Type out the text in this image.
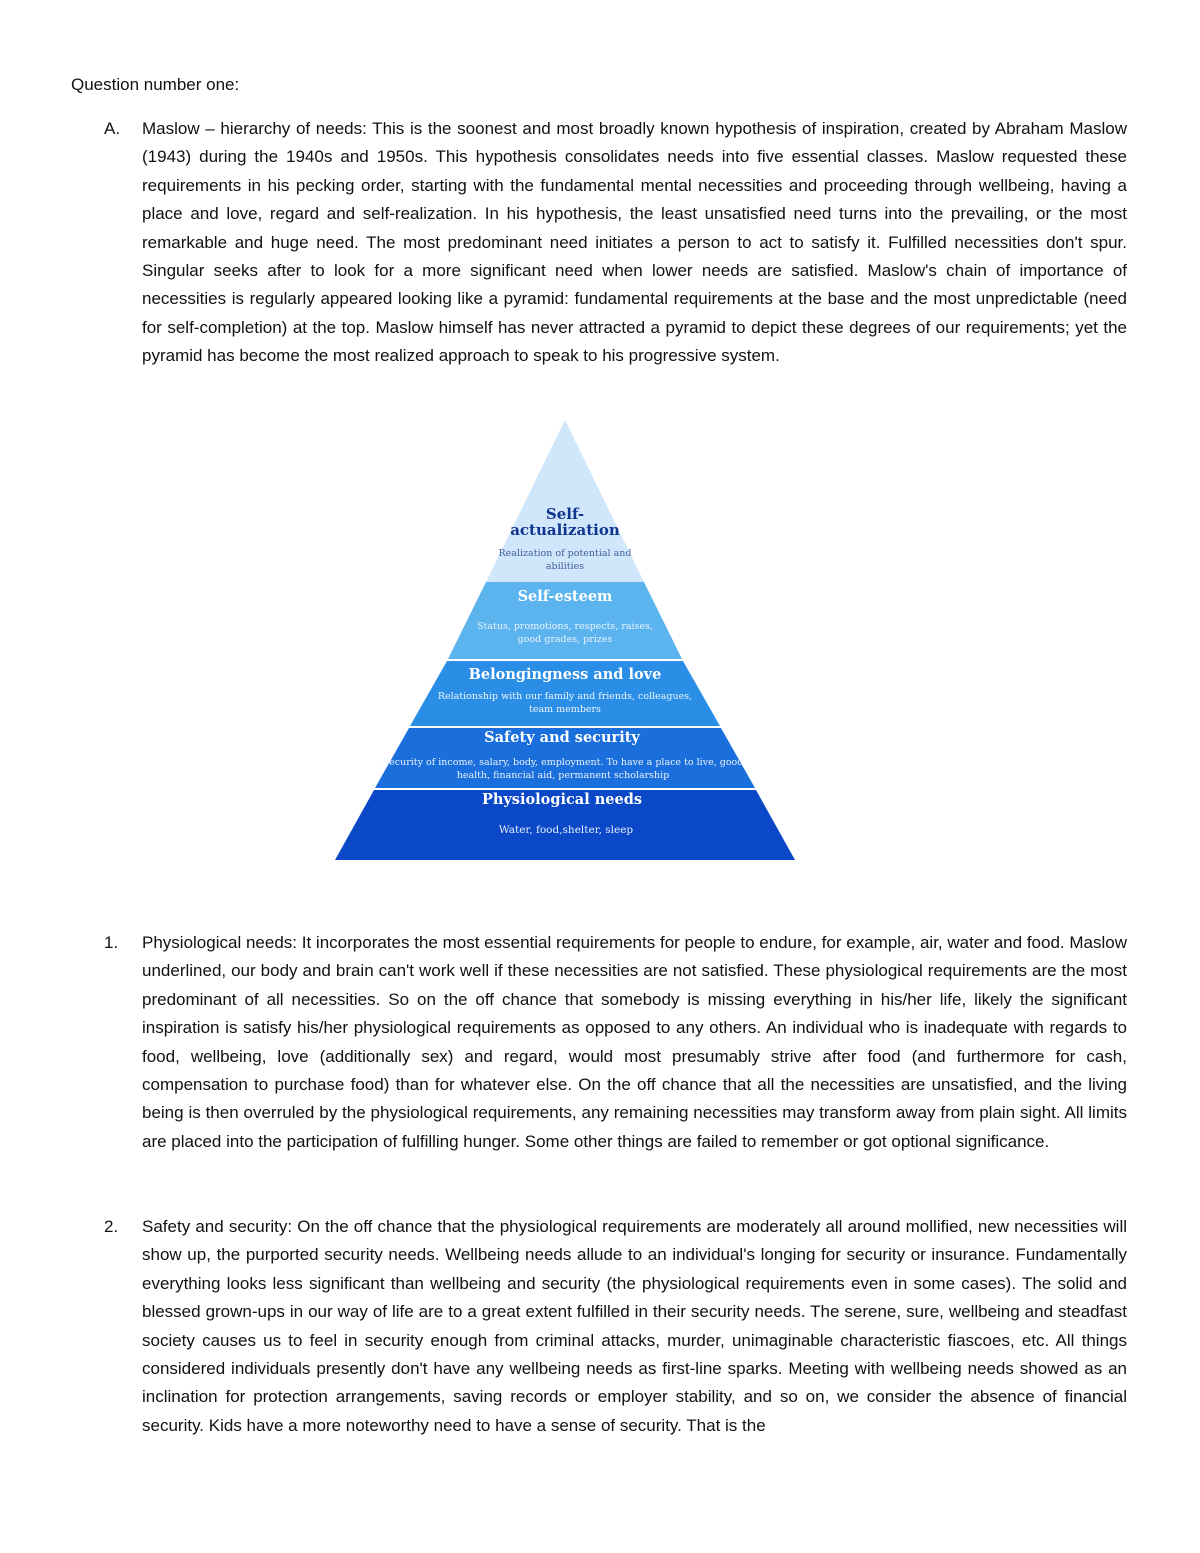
Question number one:
A. Maslow – hierarchy of needs: This is the soonest and most broadly known hypothesis of inspiration, created by Abraham Maslow (1943) during the 1940s and 1950s. This hypothesis consolidates needs into five essential classes. Maslow requested these requirements in his pecking order, starting with the fundamental mental necessities and proceeding through wellbeing, having a place and love, regard and self-realization. In his hypothesis, the least unsatisfied need turns into the prevailing, or the most remarkable and huge need. The most predominant need initiates a person to act to satisfy it. Fulfilled necessities don't spur. Singular seeks after to look for a more significant need when lower needs are satisfied. Maslow's chain of importance of necessities is regularly appeared looking like a pyramid: fundamental requirements at the base and the most unpredictable (need for self-completion) at the top. Maslow himself has never attracted a pyramid to depict these degrees of our requirements; yet the pyramid has become the most realized approach to speak to his progressive system.
Self-
actualization
Realization of potential and
abilities
Self-esteem
Status, promotions, respects, raises,
good grades, prizes
Belongingness and love
Relationship with our family and friends, colleagues,
team members
Safety and security
Security of income, salary, body, employment. To have a place to live, good
health, financial aid, permanent scholarship
Physiological needs
Water, food,shelter, sleep
1. Physiological needs: It incorporates the most essential requirements for people to endure, for example, air, water and food. Maslow underlined, our body and brain can't work well if these necessities are not satisfied. These physiological requirements are the most predominant of all necessities. So on the off chance that somebody is missing everything in his/her life, likely the significant inspiration is satisfy his/her physiological requirements as opposed to any others. An individual who is inadequate with regards to food, wellbeing, love (additionally sex) and regard, would most presumably strive after food (and furthermore for cash, compensation to purchase food) than for whatever else. On the off chance that all the necessities are unsatisfied, and the living being is then overruled by the physiological requirements, any remaining necessities may transform away from plain sight. All limits are placed into the participation of fulfilling hunger. Some other things are failed to remember or got optional significance.
2. Safety and security: On the off chance that the physiological requirements are moderately all around mollified, new necessities will show up, the purported security needs. Wellbeing needs allude to an individual's longing for security or insurance. Fundamentally everything looks less significant than wellbeing and security (the physiological requirements even in some cases). The solid and blessed grown-ups in our way of life are to a great extent fulfilled in their security needs. The serene, sure, wellbeing and steadfast society causes us to feel in security enough from criminal attacks, murder, unimaginable characteristic fiascoes, etc. All things considered individuals presently don't have any wellbeing needs as first-line sparks. Meeting with wellbeing needs showed as an inclination for protection arrangements, saving records or employer stability, and so on, we consider the absence of financial security. Kids have a more noteworthy need to have a sense of security. That is the
